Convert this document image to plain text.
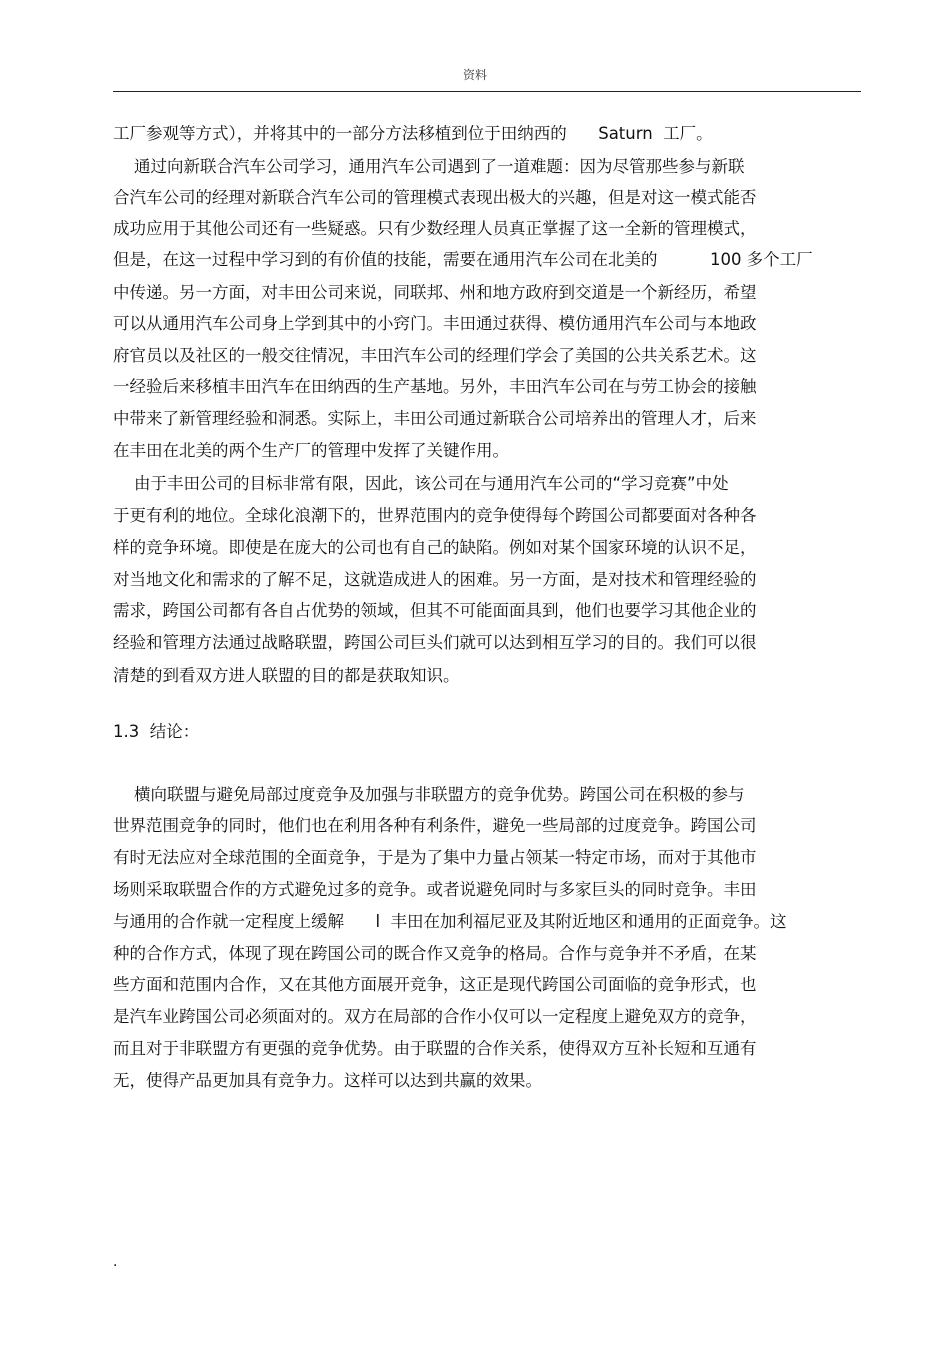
资料
工厂参观等方式），并将其中的一部分方法移植到位于田纳西的      Saturn  工厂。
通过向新联合汽车公司学习，通用汽车公司遇到了一道难题：因为尽管那些参与新联
合汽车公司的经理对新联合汽车公司的管理模式表现出极大的兴趣，但是对这一模式能否
成功应用于其他公司还有一些疑惑。只有少数经理人员真正掌握了这一全新的管理模式，
但是，在这一过程中学习到的有价值的技能，需要在通用汽车公司在北美的          100 多个工厂
中传递。另一方面，对丰田公司来说，同联邦、州和地方政府到交道是一个新经历，希望
可以从通用汽车公司身上学到其中的小窍门。丰田通过获得、模仿通用汽车公司与本地政
府官员以及社区的一般交往情况，丰田汽车公司的经理们学会了美国的公共关系艺术。这
一经验后来移植丰田汽车在田纳西的生产基地。另外，丰田汽车公司在与劳工协会的接触
中带来了新管理经验和洞悉。实际上，丰田公司通过新联合公司培养出的管理人才，后来
在丰田在北美的两个生产厂的管理中发挥了关键作用。
由于丰田公司的目标非常有限，因此，该公司在与通用汽车公司的“学习竞赛”中处
于更有利的地位。全球化浪潮下的，世界范围内的竞争使得每个跨国公司都要面对各种各
样的竞争环境。即使是在庞大的公司也有自己的缺陷。例如对某个国家环境的认识不足，
对当地文化和需求的了解不足，这就造成进人的困难。另一方面，是对技术和管理经验的
需求，跨国公司都有各自占优势的领域，但其不可能面面具到，他们也要学习其他企业的
经验和管理方法通过战略联盟，跨国公司巨头们就可以达到相互学习的目的。我们可以很
清楚的到看双方进人联盟的目的都是获取知识。
1.3  结论：
横向联盟与避免局部过度竞争及加强与非联盟方的竞争优势。跨国公司在积极的参与
世界范围竞争的同时，他们也在利用各种有利条件，避免一些局部的过度竞争。跨国公司
有时无法应对全球范围的全面竞争，于是为了集中力量占领某一特定市场，而对于其他市
场则采取联盟合作的方式避免过多的竞争。或者说避免同时与多家巨头的同时竞争。丰田
与通用的合作就一定程度上缓解      l  丰田在加利福尼亚及其附近地区和通用的正面竞争。这
种的合作方式，体现了现在跨国公司的既合作又竞争的格局。合作与竞争并不矛盾，在某
些方面和范围内合作，又在其他方面展开竞争，这正是现代跨国公司面临的竞争形式，也
是汽车业跨国公司必须面对的。双方在局部的合作小仅可以一定程度上避免双方的竞争，
而且对于非联盟方有更强的竞争优势。由于联盟的合作关系，使得双方互补长短和互通有
无，使得产品更加具有竞争力。这样可以达到共赢的效果。
.
